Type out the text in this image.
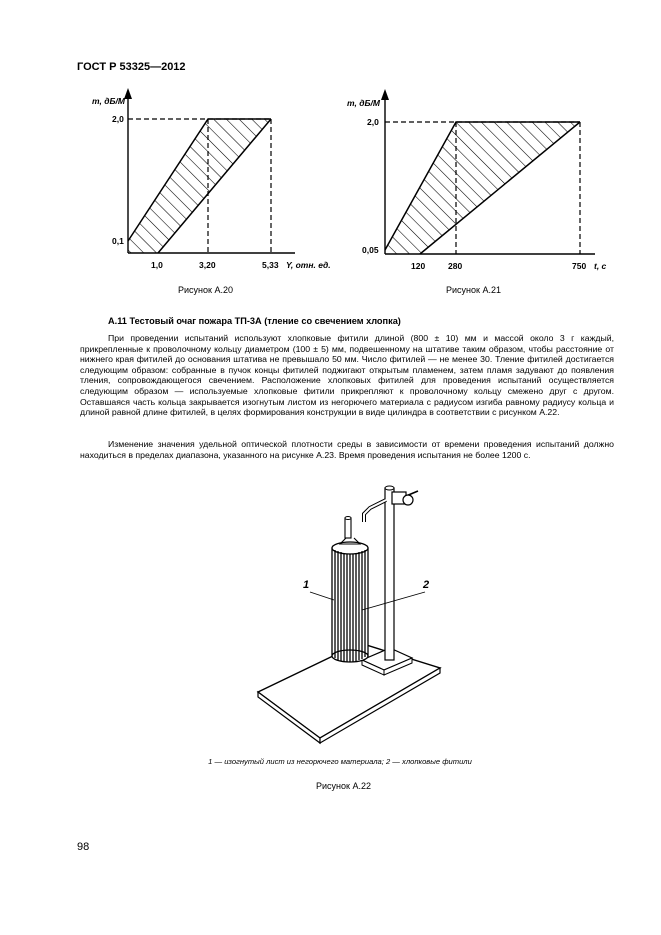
ГОСТ Р 53325—2012
m, дБ/М
2,0
0,1
1,0	3,20	5,33 Y, отн. ед.
Рисунок А.20
m, дБ/М
2,0
0,05
120	280	750 t, c
Рисунок А.21
А.11 Тестовый очаг пожара ТП-3А (тление со свечением хлопка)

При проведении испытаний используют хлопковые фитили длиной (800 ± 10) мм и массой около 3 г каждый, прикрепленные к проволочному кольцу диаметром (100 ± 5) мм, подвешенному на штативе таким образом, чтобы расстояние от нижнего края фитилей до основания штатива не превышало 50 мм. Число фитилей — не менее 30. Тление фитилей достигается следующим образом: собранные в пучок концы фитилей поджигают открытым пламенем, затем пламя задувают до появления тления, сопровождающегося свечением. Расположение хлопковых фитилей для проведения испытаний осуществляется следующим образом — используемые хлопковые фитили прикрепляют к проволочному кольцу смежено друг с другом. Оставшаяся часть кольца закрывается изогнутым листом из негорючего материала с радиусом изгиба равному радиусу кольца и длиной равной длине фитилей, в целях формирования конструкции в виде цилиндра в соответствии с рисунком А.22.

Изменение значения удельной оптической плотности среды в зависимости от времени проведения испытаний должно находиться в пределах диапазона, указанного на рисунке А.23. Время проведения испытания не более 1200 с.

1	2
1 — изогнутый лист из негорючего материала; 2 — хлопковые фитили
Рисунок А.22
98
